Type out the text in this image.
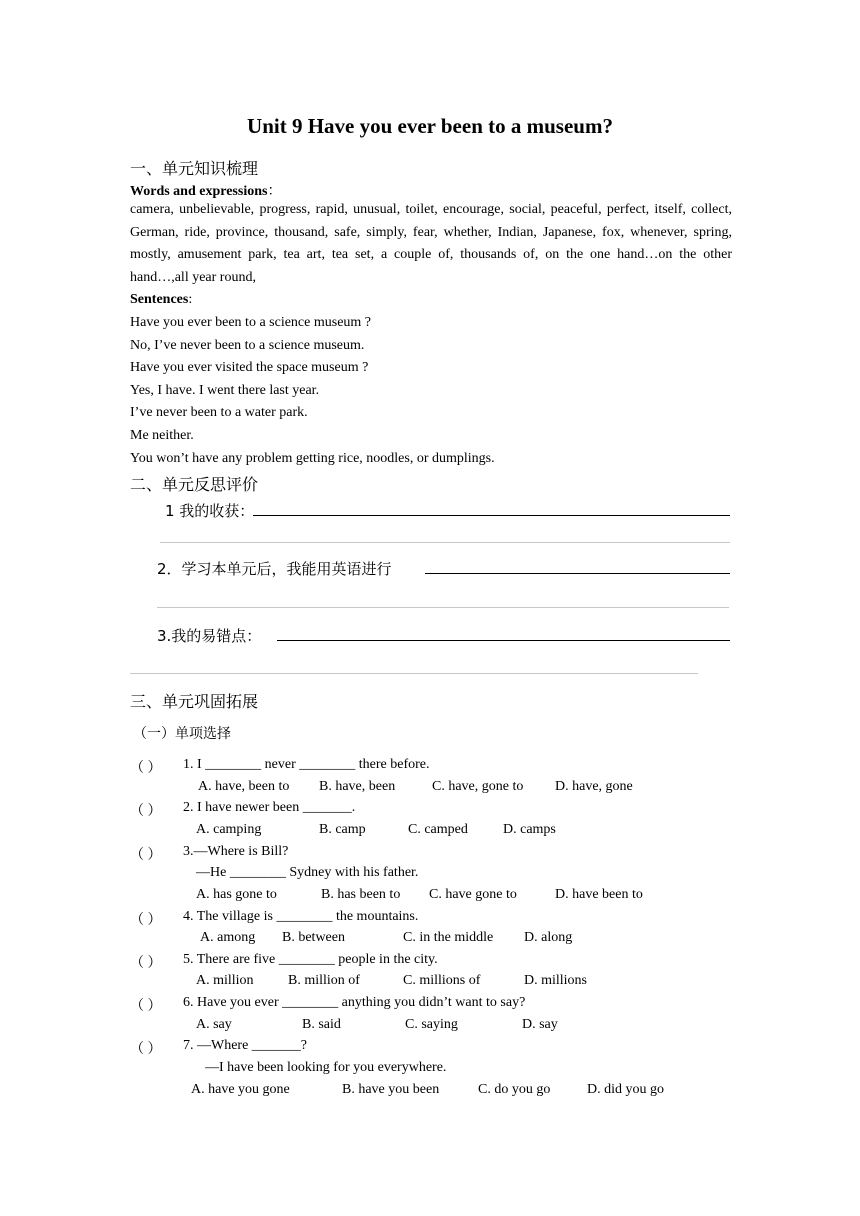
Unit 9 Have you ever been to a museum?
一、单元知识梳理
Words and expressions：
camera, unbelievable, progress, rapid, unusual, toilet, encourage, social, peaceful, perfect, itself, collect, German, ride, province, thousand, safe, simply, fear, whether, Indian, Japanese, fox, whenever, spring, mostly, amusement park, tea art, tea set, a couple of, thousands of, on the one hand…on the other hand…,all year round,
Sentences:
Have you ever been to a science museum ?
No, I’ve never been to a science museum.
Have you ever visited the space museum ?
Yes, I have. I went there last year.
I’ve never been to a water park.
Me neither.
You won’t have any problem getting rice, noodles, or dumplings.
二、单元反思评价
1 我的收获：
2．学习本单元后，我能用英语进行
3.我的易错点：
三、单元巩固拓展
（一）单项选择
（ ） 1. I ________ never ________ there before.
A. have, been to B. have, been	C. have, gone to D. have, gone
（ ） 2. I have newer been _______.
A. camping	B. camp	C. camped	D. camps
（ ） 3.—Where is Bill?
—He ________ Sydney with his father.
A. has gone to	B. has been to C. have gone to	D. have been to
（ ） 4. The village is ________ the mountains.
A. among B. between	C. in the middle D. along
（ ） 5. There are five ________ people in the city.
A. million B. million of	C. millions of	D. millions
（ ） 6. Have you ever ________ anything you didn’t want to say?
A. say	B. said	C. saying	D. say
（ ） 7. —Where _______?
—I have been looking for you everywhere.
A. have you gone	B. have you been	C. do you go	D. did you go
